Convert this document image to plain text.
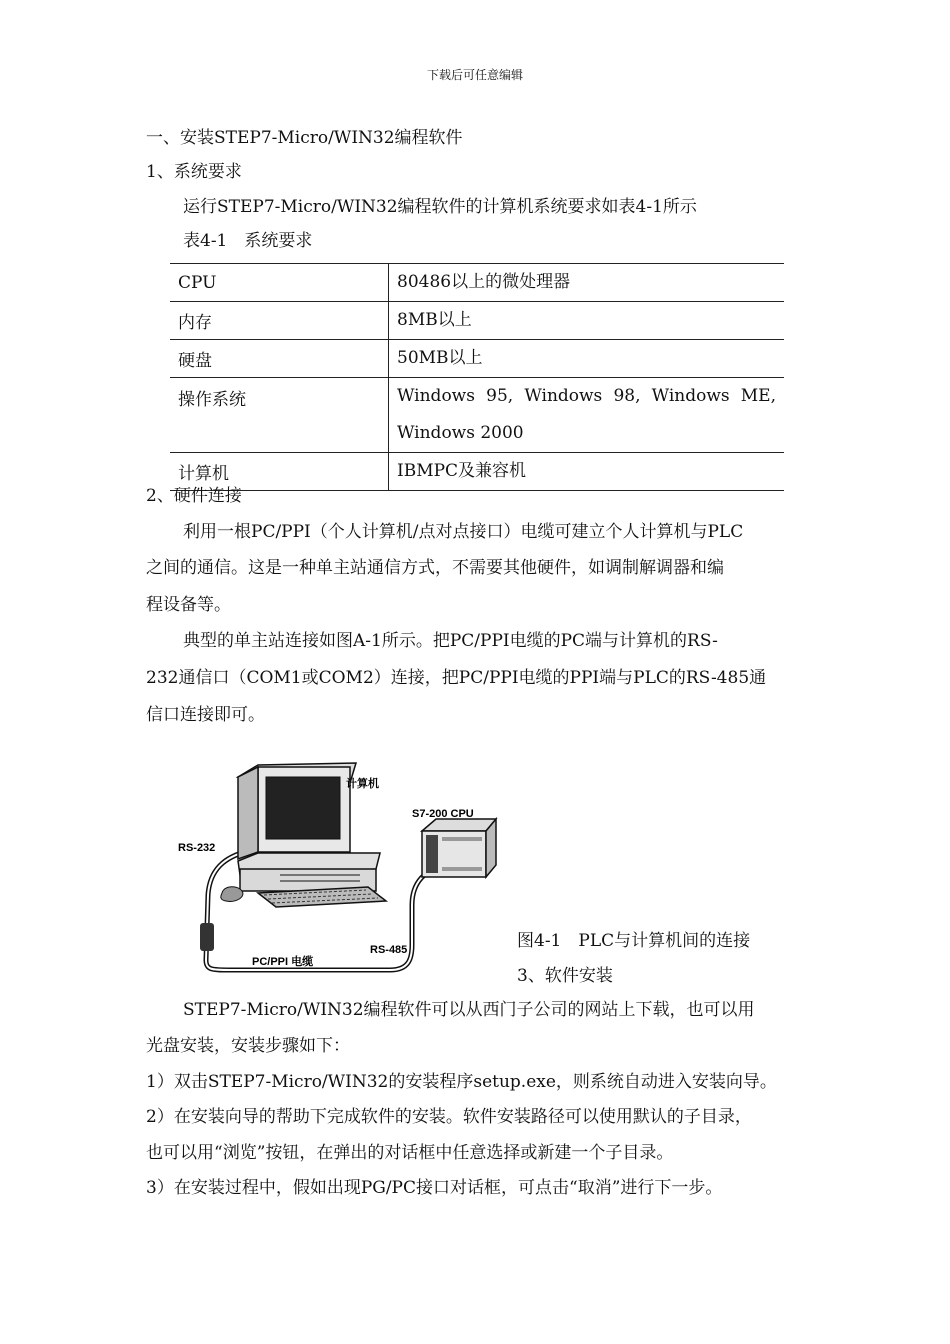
下载后可任意编辑
一、安装STEP7-Micro/WIN32编程软件
1、系统要求
运行STEP7-Micro/WIN32编程软件的计算机系统要求如表4-1所示
表4-1　系统要求
CPU	80486以上的微处理器
内存	8MB以上
硬盘	50MB以上
操作系统	Windows 95, Windows 98, Windows ME,
Windows 2000

计算机	IBMPC及兼容机
2、硬件连接
利用一根PC/PPI（个人计算机/点对点接口）电缆可建立个人计算机与PLC
之间的通信。这是一种单主站通信方式，不需要其他硬件，如调制解调器和编
程设备等。
典型的单主站连接如图A-1所示。把PC/PPI电缆的PC端与计算机的RS-
232通信口（COM1或COM2）连接，把PC/PPI电缆的PPI端与PLC的RS-485通
信口连接即可。
计算机
S7-200 CPU
RS-232
RS-485
PC/PPI 电缆
图4-1　PLC与计算机间的连接
3、软件安装
STEP7-Micro/WIN32编程软件可以从西门子公司的网站上下载，也可以用
光盘安装，安装步骤如下：
1）双击STEP7-Micro/WIN32的安装程序setup.exe，则系统自动进入安装向导。
2）在安装向导的帮助下完成软件的安装。软件安装路径可以使用默认的子目录，
也可以用“浏览”按钮，在弹出的对话框中任意选择或新建一个子目录。
3）在安装过程中，假如出现PG/PC接口对话框，可点击“取消”进行下一步。
